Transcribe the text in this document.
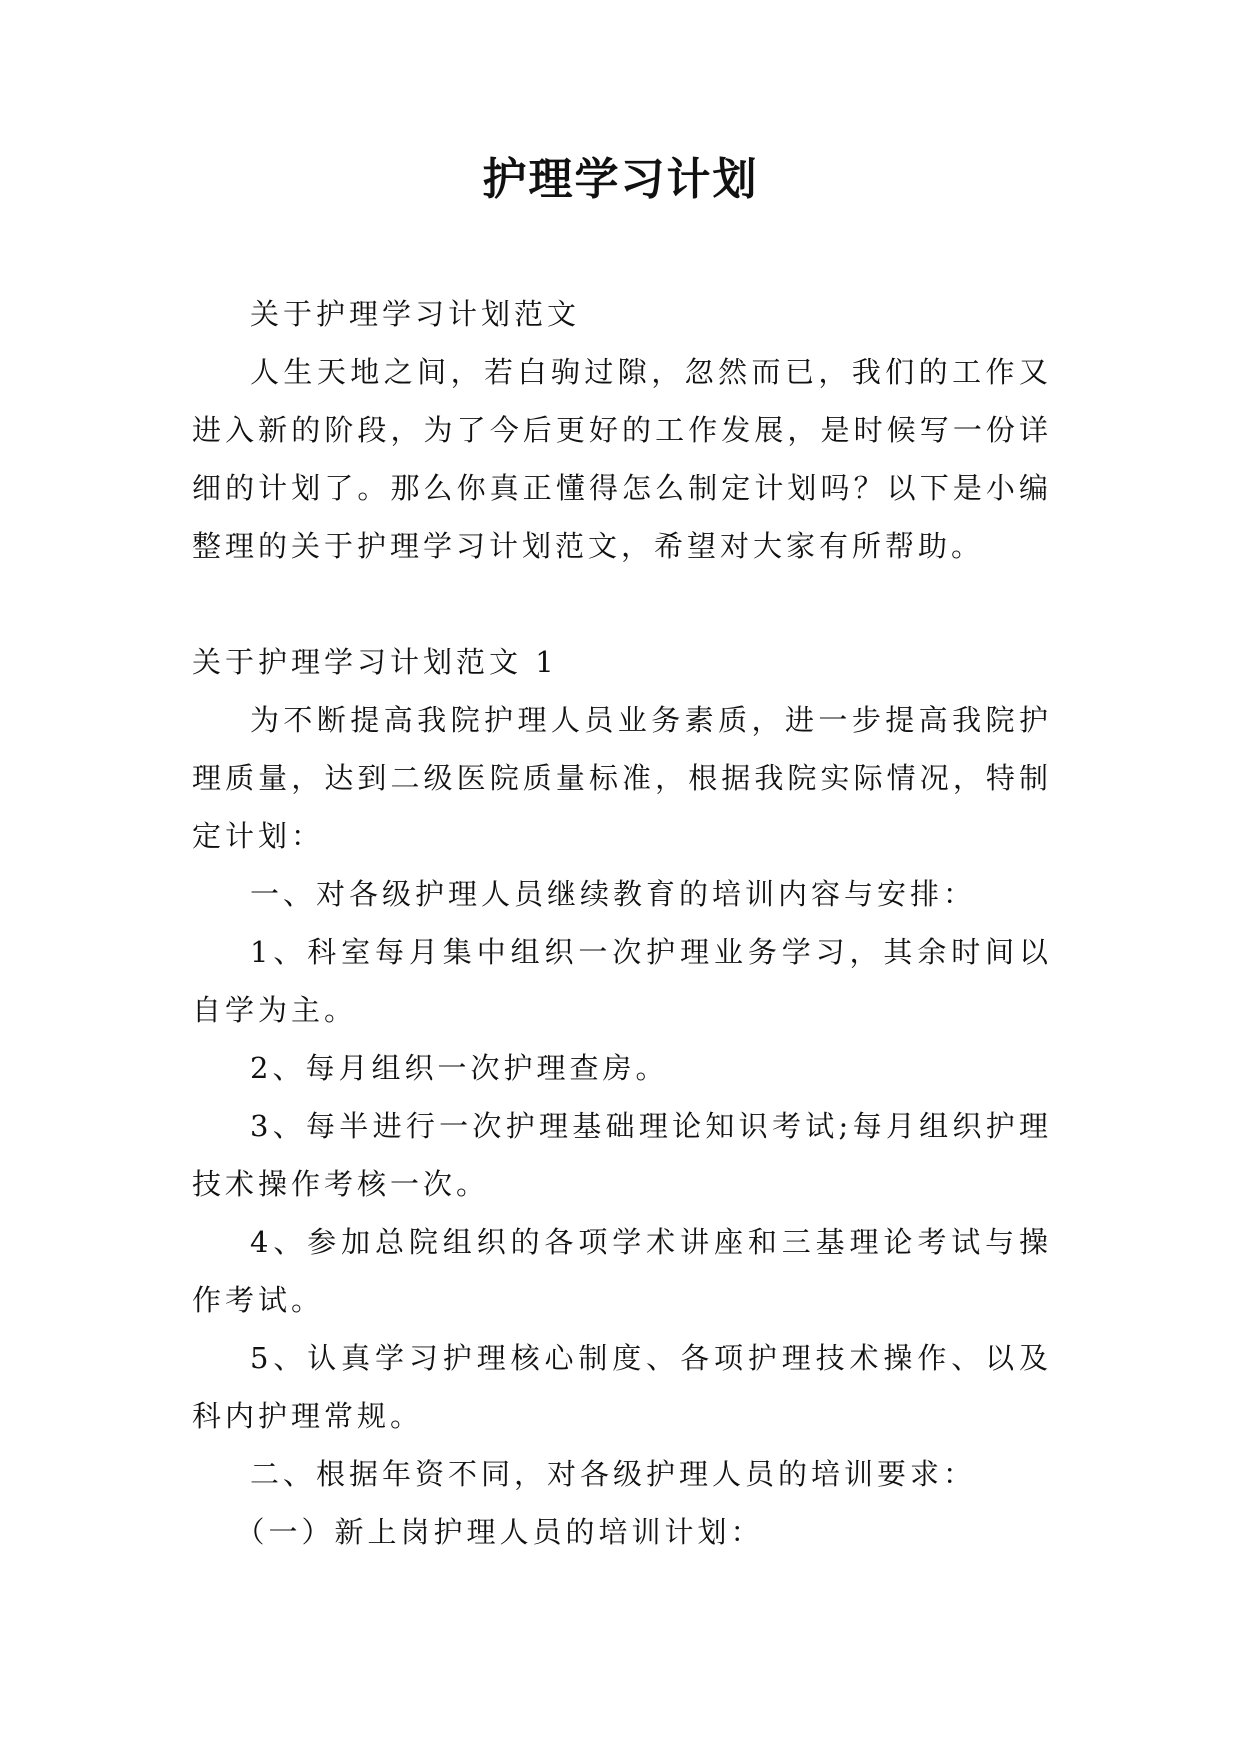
护理学习计划

关于护理学习计划范文

人生天地之间，若白驹过隙，忽然而已，我们的工作又进入新的阶段，为了今后更好的工作发展，是时候写一份详细的计划了。那么你真正懂得怎么制定计划吗？以下是小编整理的关于护理学习计划范文，希望对大家有所帮助。

关于护理学习计划范文 1

为不断提高我院护理人员业务素质，进一步提高我院护理质量，达到二级医院质量标准，根据我院实际情况，特制定计划：

一、对各级护理人员继续教育的培训内容与安排：

1、科室每月集中组织一次护理业务学习，其余时间以自学为主。

2、每月组织一次护理查房。

3、每半进行一次护理基础理论知识考试;每月组织护理技术操作考核一次。

4、参加总院组织的各项学术讲座和三基理论考试与操作考试。

5、认真学习护理核心制度、各项护理技术操作、以及科内护理常规。

二、根据年资不同，对各级护理人员的培训要求：

（一）新上岗护理人员的培训计划：
